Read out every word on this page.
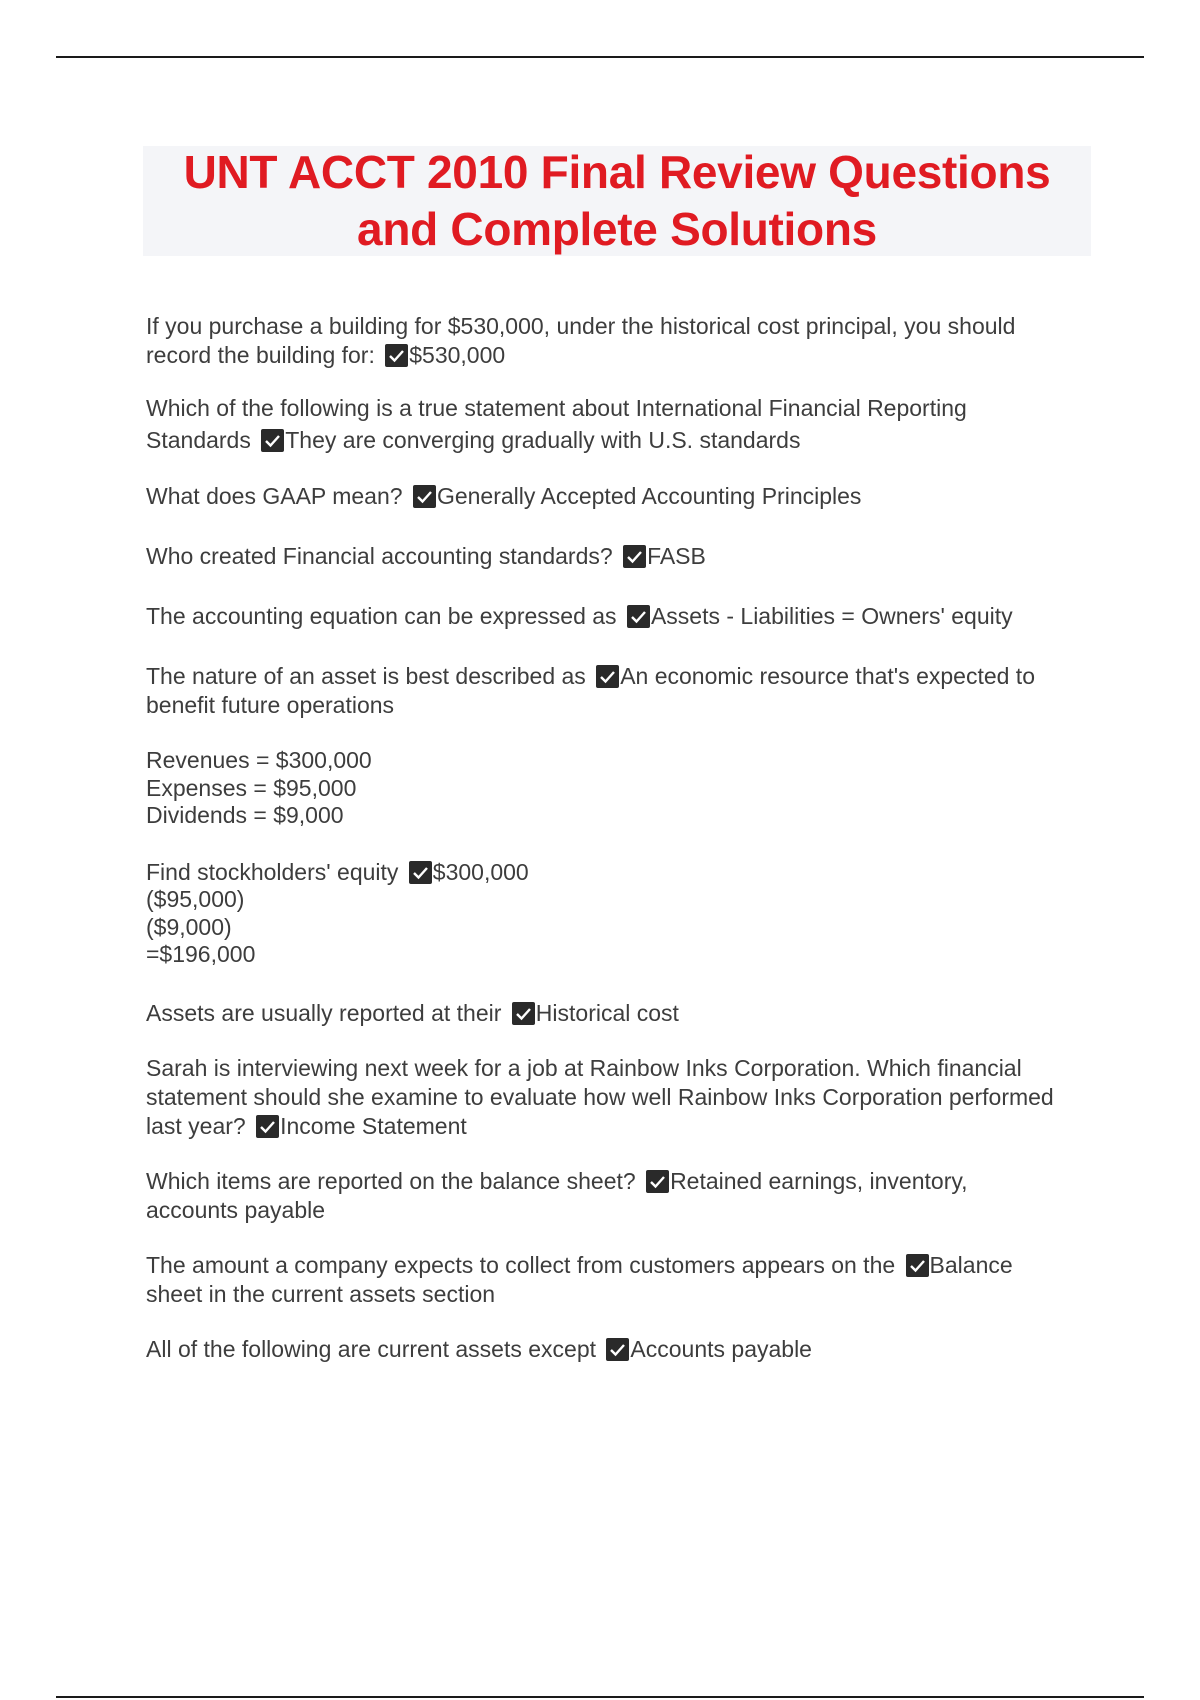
UNT ACCT 2010 Final Review Questions
and Complete Solutions

If you purchase a building for $530,000, under the historical cost principal, you should record the building for: $530,000

Which of the following is a true statement about International Financial Reporting Standards They are converging gradually with U.S. standards

What does GAAP mean? Generally Accepted Accounting Principles

Who created Financial accounting standards? FASB

The accounting equation can be expressed as Assets - Liabilities = Owners' equity

The nature of an asset is best described as An economic resource that's expected to benefit future operations

Revenues = $300,000
Expenses = $95,000
Dividends = $9,000

Find stockholders' equity $300,000
($95,000)
($9,000)
=$196,000

Assets are usually reported at their Historical cost

Sarah is interviewing next week for a job at Rainbow Inks Corporation. Which financial statement should she examine to evaluate how well Rainbow Inks Corporation performed last year? Income Statement

Which items are reported on the balance sheet? Retained earnings, inventory, accounts payable

The amount a company expects to collect from customers appears on the Balance sheet in the current assets section

All of the following are current assets except Accounts payable
